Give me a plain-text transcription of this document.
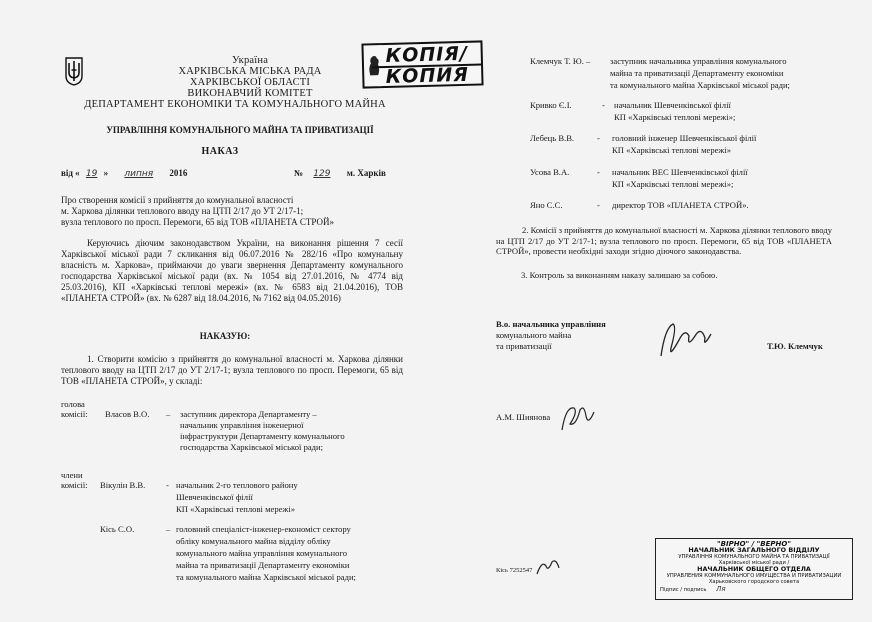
Україна
ХАРКІВСЬКА МІСЬКА РАДА
ХАРКІВСЬКОЇ ОБЛАСТІ
ВИКОНАВЧИЙ КОМІТЕТ
ДЕПАРТАМЕНТ ЕКОНОМІКИ ТА КОМУНАЛЬНОГО МАЙНА
КОПІЯ/
КОПИЯ
УПРАВЛІННЯ КОМУНАЛЬНОГО МАЙНА ТА ПРИВАТИЗАЦІЇ
НАКАЗ
від « 19 » липня 2016	№ 129 м. Харків
Про створення комісії з прийняття до комунальної власності
м. Харкова ділянки теплового вводу на ЦТП 2/17 до УТ 2/17-1;
вузла теплового по просп. Перемоги, 65 від ТОВ «ПЛАНЕТА СТРОЙ»
Керуючись діючим законодавством України, на виконання рішення 7 сесії Харківської міської ради 7 скликання від 06.07.2016 № 282/16 «Про комунальну власність м. Харкова», приймаючи до уваги звернення Департаменту комунального господарства Харківської міської ради (вх. № 1054 від 27.01.2016, № 4774 від 25.03.2016), КП «Харківські теплові мережі» (вх. № 6583 від 21.04.2016), ТОВ «ПЛАНЕТА СТРОЙ» (вх. № 6287 від 18.04.2016, № 7162 від 04.05.2016)
НАКАЗУЮ:
1. Створити комісію з прийняття до комунальної власності м. Харкова ділянки теплового вводу на ЦТП 2/17 до УТ 2/17-1; вузла теплового по просп. Перемоги, 65 від ТОВ «ПЛАНЕТА СТРОЙ», у складі:
голова
комісії: Власов В.О. – заступник директора Департаменту –
начальник управління інженерної
інфраструктури Департаменту комунального
господарства Харківської міської ради;
члени
комісії: Вікулін В.В. - начальник 2-го теплового району
Шевченківської філії
КП «Харківські теплові мережі»
Кісь С.О.	– головний спеціаліст-інженер-економіст сектору
обліку комунального майна відділу обліку
комунального майна управління комунального
майна та приватизації Департаменту економіки
та комунального майна Харківської міської ради;
Клемчук Т. Ю. – заступник начальника управління комунального
майна та приватизації Департаменту економіки
та комунального майна Харківської міської ради;
Кривко Є.І.	- начальник Шевченківської філії
КП «Харківські теплові мережі»;
Лебець В.В.	- головний інженер Шевченківської філії
КП «Харківські теплові мережі»
Усова В.А.	- начальник ВЕС Шевченківської філії
КП «Харківські теплові мережі»;
Яно С.С.	- директор ТОВ «ПЛАНЕТА СТРОЙ».
2. Комісії з прийняття до комунальної власності м. Харкова ділянки теплового вводу на ЦТП 2/17 до УТ 2/17-1; вузла теплового по просп. Перемоги, 65 від ТОВ «ПЛАНЕТА СТРОЙ», провести необхідні заходи згідно діючого законодавства.
3. Контроль за виконанням наказу залишаю за собою.
В.о. начальника управління
комунального майна
та приватизації	Т.Ю. Клемчук
А.М. Шиянова
Кісь 7252547
"ВІРНО" / "ВЕРНО"
НАЧАЛЬНИК ЗАГАЛЬНОГО ВІДДІЛУ
УПРАВЛІННЯ КОМУНАЛЬНОГО МАЙНА ТА ПРИВАТИЗАЦІЇ
Харківської міської ради /
НАЧАЛЬНИК ОБЩЕГО ОТДЕЛА
УПРАВЛЕНИЯ КОММУНАЛЬНОГО ИМУЩЕСТВА И ПРИВАТИЗАЦИИ
Харьковского городского совета
Підпис / подпись Ля
